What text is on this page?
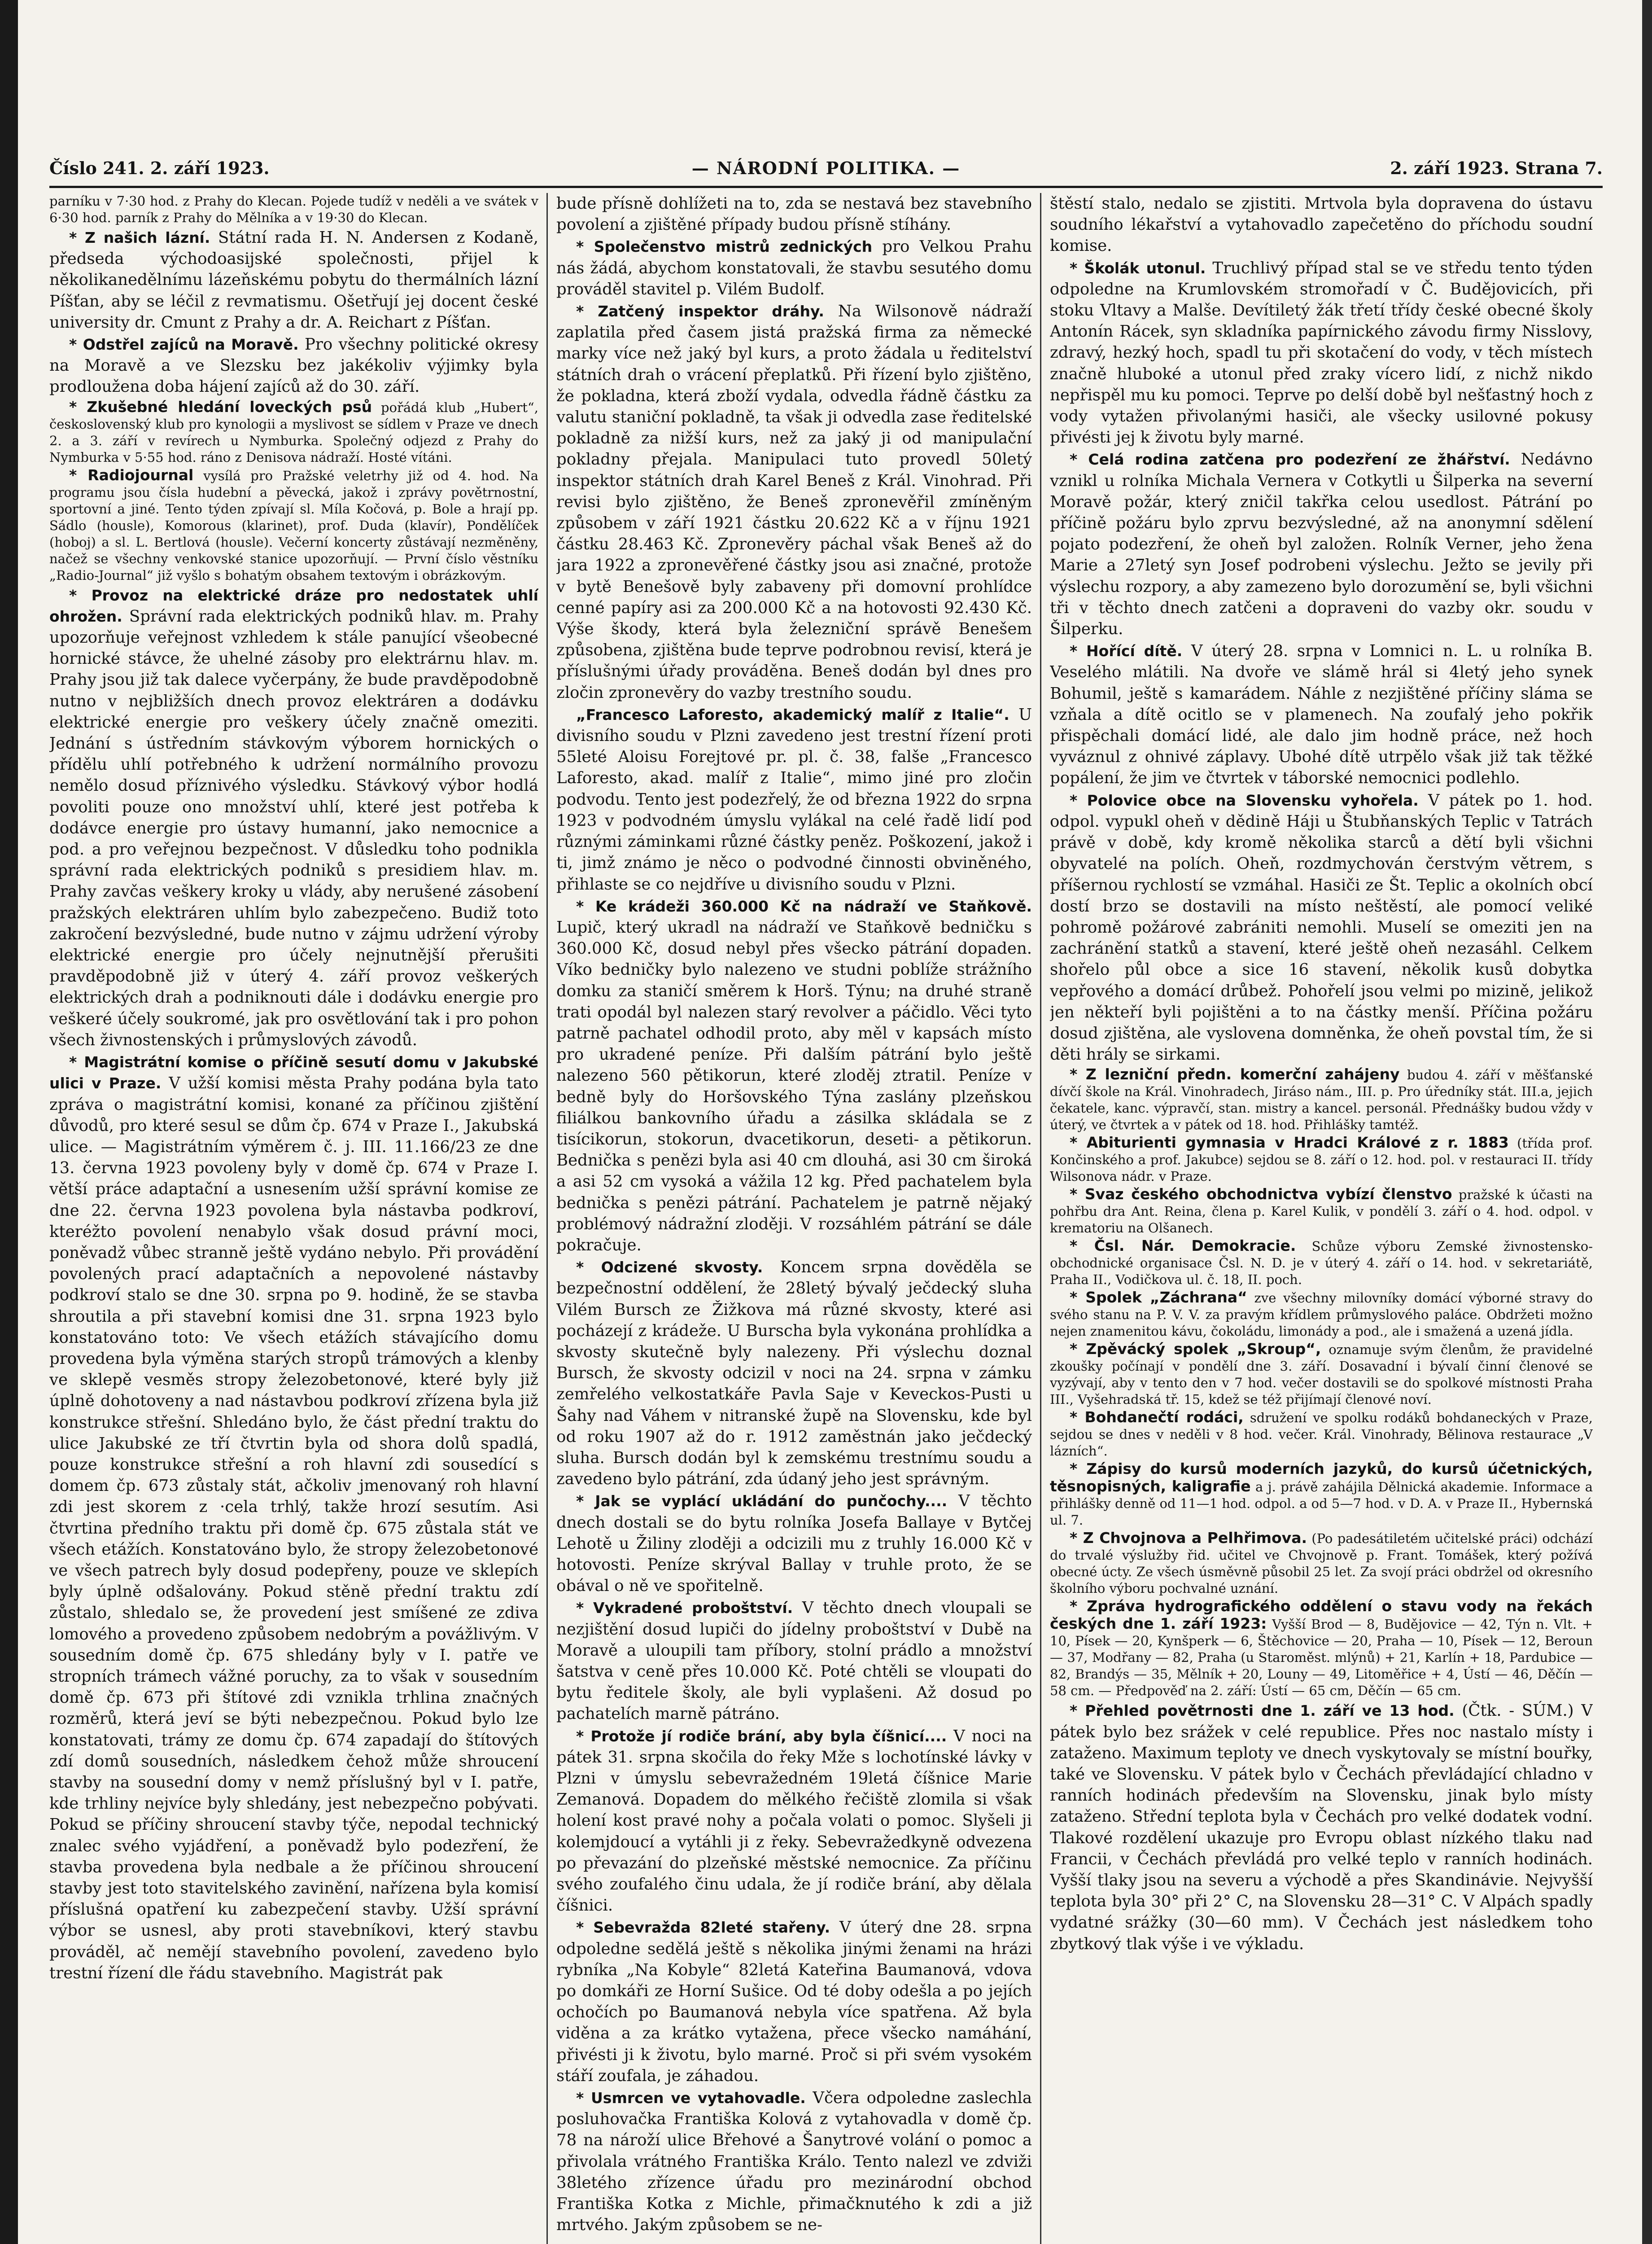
Číslo 241. 2. září 1923.	— NÁRODNÍ POLITIKA. —	2. září 1923. Strana 7.

parníku v 7·30 hod. z Prahy do Klecan. Pojede tudíž v neděli a ve svátek v 6·30 hod. parník z Prahy do Mělníka a v 19·30 do Klecan.

* Z našich lázní. Státní rada H. N. Andersen z Kodaně, předseda východoasijské společnosti, přijel k několikanedělnímu lázeňskému pobytu do thermálních lázní Píšťan, aby se léčil z revmatismu. Ošetřují jej docent české university dr. Cmunt z Prahy a dr. A. Reichart z Píšťan.

* Odstřel zajíců na Moravě. Pro všechny politické okresy na Moravě a ve Slezsku bez jakékoliv výjimky byla prodloužena doba hájení zajíců až do 30. září.

* Zkušebné hledání loveckých psů pořádá klub „Hubert“, československý klub pro kynologii a myslivost se sídlem v Praze ve dnech 2. a 3. září v revírech u Nymburka. Společný odjezd z Prahy do Nymburka v 5·55 hod. ráno z Denisova nádraží. Hosté vítáni.

* Radiojournal vysílá pro Pražské veletrhy již od 4. hod. Na programu jsou čísla hudební a pěvecká, jakož i zprávy povětrnostní, sportovní a jiné. Tento týden zpívají sl. Míla Kočová, p. Bole a hrají pp. Sádlo (housle), Komorous (klarinet), prof. Duda (klavír), Pondělíček (hoboj) a sl. L. Bertlová (housle). Večerní koncerty zůstávají nezměněny, načež se všechny venkovské stanice upozorňují. — První číslo věstníku „Radio-Journal“ již vyšlo s bohatým obsahem textovým i obrázkovým.

* Provoz na elektrické dráze pro nedostatek uhlí ohrožen. Správní rada elektrických podniků hlav. m. Prahy upozorňuje veřejnost vzhledem k stále panující všeobecné hornické stávce, že uhelné zásoby pro elektrárnu hlav. m. Prahy jsou již tak dalece vyčerpány, že bude pravděpodobně nutno v nejbližších dnech provoz elektráren a dodávku elektrické energie pro veškery účely značně omeziti. Jednání s ústředním stávkovým výborem hornických o přídělu uhlí potřebného k udržení normálního provozu nemělo dosud příznivého výsledku. Stávkový výbor hodlá povoliti pouze ono množství uhlí, které jest potřeba k dodávce energie pro ústavy humanní, jako nemocnice a pod. a pro veřejnou bezpečnost. V důsledku toho podnikla správní rada elektrických podniků s presidiem hlav. m. Prahy zavčas veškery kroky u vlády, aby nerušené zásobení pražských elektráren uhlím bylo zabezpečeno. Budiž toto zakročení bezvýsledné, bude nutno v zájmu udržení výroby elektrické energie pro účely nejnutnější přerušiti pravděpodobně již v úterý 4. září provoz veškerých elektrických drah a podniknouti dále i dodávku energie pro veškeré účely soukromé, jak pro osvětlování tak i pro pohon všech živnostenských i průmyslových závodů.

* Magistrátní komise o příčině sesutí domu v Jakubské ulici v Praze. V užší komisi města Prahy podána byla tato zpráva o magistrátní komisi, konané za příčinou zjištění důvodů, pro které sesul se dům čp. 674 v Praze I., Jakubská ulice. — Magistrátním výměrem č. j. III. 11.166/23 ze dne 13. června 1923 povoleny byly v domě čp. 674 v Praze I. větší práce adaptační a usnesením užší správní komise ze dne 22. června 1923 povolena byla nástavba podkroví, kteréžto povolení nenabylo však dosud právní moci, poněvadž vůbec stranně ještě vydáno nebylo. Při provádění povolených prací adaptačních a nepovolené nástavby podkroví stalo se dne 30. srpna po 9. hodině, že se stavba shroutila a při stavební komisi dne 31. srpna 1923 bylo konstatováno toto: Ve všech etážích stávajícího domu provedena byla výměna starých stropů trámových a klenby ve sklepě vesměs stropy železobetonové, které byly již úplně dohotoveny a nad nástavbou podkroví zřízena byla již konstrukce střešní. Shledáno bylo, že část přední traktu do ulice Jakubské ze tří čtvrtin byla od shora dolů spadlá, pouze konstrukce střešní a roh hlavní zdi sousedící s domem čp. 673 zůstaly stát, ačkoliv jmenovaný roh hlavní zdi jest skorem z ·cela trhlý, takže hrozí sesutím. Asi čtvrtina předního traktu při domě čp. 675 zůstala stát ve všech etážích. Konstatováno bylo, že stropy železobetonové ve všech patrech byly dosud podepřeny, pouze ve sklepích byly úplně odšalovány. Pokud stěně přední traktu zdí zůstalo, shledalo se, že provedení jest smíšené ze zdiva lomového a provedeno způsobem nedobrým a povážlivým. V sousedním domě čp. 675 shledány byly v I. patře ve stropních trámech vážné poruchy, za to však v sousedním domě čp. 673 při štítové zdi vznikla trhlina značných rozměrů, která jeví se býti nebezpečnou. Pokud bylo lze konstatovati, trámy ze domu čp. 674 zapadají do štítových zdí domů sousedních, následkem čehož může shroucení stavby na sousední domy v nemž příslušný byl v I. patře, kde trhliny nejvíce byly shledány, jest nebezpečno pobývati. Pokud se příčiny shroucení stavby týče, nepodal technický znalec svého vyjádření, a poněvadž bylo podezření, že stavba provedena byla nedbale a že příčinou shroucení stavby jest toto stavitelského zavinění, nařízena byla komisí příslušná opatření ku zabezpečení stavby. Užší správní výbor se usnesl, aby proti stavebníkovi, který stavbu prováděl, ač nemějí stavebního povolení, zavedeno bylo trestní řízení dle řádu stavebního. Magistrát pak

bude přísně dohlížeti na to, zda se nestavá bez stavebního povolení a zjištěné případy budou přísně stíhány.

* Společenstvo mistrů zednických pro Velkou Prahu nás žádá, abychom konstatovali, že stavbu sesutého domu prováděl stavitel p. Vilém Budolf.

* Zatčený inspektor dráhy. Na Wilsonově nádraží zaplatila před časem jistá pražská firma za německé marky více než jaký byl kurs, a proto žádala u ředitelství státních drah o vrácení přeplatků. Při řízení bylo zjištěno, že pokladna, která zboží vydala, odvedla řádně částku za valutu staniční pokladně, ta však ji odvedla zase ředitelské pokladně za nižší kurs, než za jaký ji od manipulační pokladny přejala. Manipulaci tuto provedl 50letý inspektor státních drah Karel Beneš z Král. Vinohrad. Při revisi bylo zjištěno, že Beneš zpronevěřil zmíněným způsobem v září 1921 částku 20.622 Kč a v říjnu 1921 částku 28.463 Kč. Zpronevěry páchal však Beneš až do jara 1922 a zpronevěřené částky jsou asi značné, protože v bytě Benešově byly zabaveny při domovní prohlídce cenné papíry asi za 200.000 Kč a na hotovosti 92.430 Kč. Výše škody, která byla železniční správě Benešem způsobena, zjištěna bude teprve podrobnou revisí, která je příslušnými úřady prováděna. Beneš dodán byl dnes pro zločin zpronevěry do vazby trestního soudu.

„Francesco Laforesto, akademický malíř z Italie“. U divisního soudu v Plzni zavedeno jest trestní řízení proti 55leté Aloisu Forejtové pr. pl. č. 38, falše „Francesco Laforesto, akad. malíř z Italie“, mimo jiné pro zločin podvodu. Tento jest podezřelý, že od března 1922 do srpna 1923 v podvodném úmyslu vylákal na celé řadě lidí pod různými záminkami různé částky peněz. Poškození, jakož i ti, jimž známo je něco o podvodné činnosti obviněného, přihlaste se co nejdříve u divisního soudu v Plzni.

* Ke krádeži 360.000 Kč na nádraží ve Staňkově. Lupič, který ukradl na nádraží ve Staňkově bedničku s 360.000 Kč, dosud nebyl přes všecko pátrání dopaden. Víko bedničky bylo nalezeno ve studni poblíže strážního domku za staničí směrem k Horš. Týnu; na druhé straně trati opodál byl nalezen starý revolver a páčidlo. Věci tyto patrně pachatel odhodil proto, aby měl v kapsách místo pro ukradené peníze. Při dalším pátrání bylo ještě nalezeno 560 pětikorun, které zloděj ztratil. Peníze v bedně byly do Horšovského Týna zaslány plzeňskou filiálkou bankovního úřadu a zásilka skládala se z tisícikorun, stokorun, dvacetikorun, deseti- a pětikorun. Bednička s penězi byla asi 40 cm dlouhá, asi 30 cm široká a asi 52 cm vysoká a vážila 12 kg. Před pachatelem byla bednička s penězi pátrání. Pachatelem je patrně nějaký problémový nádražní zloději. V rozsáhlém pátrání se dále pokračuje.

* Odcizené skvosty. Koncem srpna dověděla se bezpečnostní oddělení, že 28letý bývalý ječdecký sluha Vilém Bursch ze Žižkova má různé skvosty, které asi pocházejí z krádeže. U Burscha byla vykonána prohlídka a skvosty skutečně byly nalezeny. Při výslechu doznal Bursch, že skvosty odcizil v noci na 24. srpna v zámku zemřelého velkostatkáře Pavla Saje v Keveckos-Pusti u Šahy nad Váhem v nitranské župě na Slovensku, kde byl od roku 1907 až do r. 1912 zaměstnán jako ječdecký sluha. Bursch dodán byl k zemskému trestnímu soudu a zavedeno bylo pátrání, zda údaný jeho jest správným.

* Jak se vyplácí ukládání do punčochy.... V těchto dnech dostali se do bytu rolníka Josefa Ballaye v Bytčej Lehotě u Žiliny zloději a odcizili mu z truhly 16.000 Kč v hotovosti. Peníze skrýval Ballay v truhle proto, že se obával o ně ve spořitelně.

* Vykradené proboštství. V těchto dnech vloupali se nezjištění dosud lupiči do jídelny proboštství v Dubě na Moravě a uloupili tam příbory, stolní prádlo a množství šatstva v ceně přes 10.000 Kč. Poté chtěli se vloupati do bytu ředitele školy, ale byli vyplašeni. Až dosud po pachatelích marně pátráno.

* Protože jí rodiče brání, aby byla číšnicí.... V noci na pátek 31. srpna skočila do řeky Mže s lochotínské lávky v Plzni v úmyslu sebevražedném 19letá číšnice Marie Zemanová. Dopadem do mělkého řečiště zlomila si však holení kost pravé nohy a počala volati o pomoc. Slyšeli ji kolemjdoucí a vytáhli ji z řeky. Sebevražedkyně odvezena po převazání do plzeňské městské nemocnice. Za příčinu svého zoufalého činu udala, že jí rodiče brání, aby dělala číšnici.

* Sebevražda 82leté stařeny. V úterý dne 28. srpna odpoledne sedělá ještě s několika jinými ženami na hrázi rybníka „Na Kobyle“ 82letá Kateřina Baumanová, vdova po domkáři ze Horní Sušice. Od té doby odešla a po jejích ochočích po Baumanová nebyla více spatřena. Až byla viděna a za krátko vytažena, přece všecko namáhání, přivésti ji k životu, bylo marné. Proč si při svém vysokém stáří zoufala, je záhadou.

* Usmrcen ve vytahovadle. Včera odpoledne zaslechla posluhovačka Františka Kolová z vytahovadla v domě čp. 78 na nároží ulice Břehové a Šanytrové volání o pomoc a přivolala vrátného Františka Králo. Tento nalezl ve zdviži 38letého zřízence úřadu pro mezinárodní obchod Františka Kotka z Michle, přimačknutého k zdi a již mrtvého. Jakým způsobem se ne-

štěstí stalo, nedalo se zjistiti. Mrtvola byla dopravena do ústavu soudního lékařství a vytahovadlo zapečetěno do příchodu soudní komise.

* Školák utonul. Truchlivý případ stal se ve středu tento týden odpoledne na Krumlovském stromořadí v Č. Budějovicích, při stoku Vltavy a Malše. Devítiletý žák třetí třídy české obecné školy Antonín Rácek, syn skladníka papírnického závodu firmy Nisslovy, zdravý, hezký hoch, spadl tu při skotačení do vody, v těch místech značně hluboké a utonul před zraky vícero lidí, z nichž nikdo nepřispěl mu ku pomoci. Teprve po delší době byl nešťastný hoch z vody vytažen přivolanými hasiči, ale všecky usilovné pokusy přivésti jej k životu byly marné.

* Celá rodina zatčena pro podezření ze žhářství. Nedávno vznikl u rolníka Michala Vernera v Cotkytli u Šilperka na severní Moravě požár, který zničil takřka celou usedlost. Pátrání po příčině požáru bylo zprvu bezvýsledné, až na anonymní sdělení pojato podezření, že oheň byl založen. Rolník Verner, jeho žena Marie a 27letý syn Josef podrobeni výslechu. Ježto se jevily při výslechu rozpory, a aby zamezeno bylo dorozumění se, byli všichni tři v těchto dnech zatčeni a dopraveni do vazby okr. soudu v Šilperku.

* Hořící dítě. V úterý 28. srpna v Lomnici n. L. u rolníka B. Veselého mlátili. Na dvoře ve slámě hrál si 4letý jeho synek Bohumil, ještě s kamarádem. Náhle z nezjištěné příčiny sláma se vzňala a dítě ocitlo se v plamenech. Na zoufalý jeho pokřik přispěchali domácí lidé, ale dalo jim hodně práce, než hoch vyváznul z ohnivé záplavy. Ubohé dítě utrpělo však již tak těžké popálení, že jim ve čtvrtek v táborské nemocnici podlehlo.

* Polovice obce na Slovensku vyhořela. V pátek po 1. hod. odpol. vypukl oheň v dědině Háji u Štubňanských Teplic v Tatrách právě v době, kdy kromě několika starců a dětí byli všichni obyvatelé na polích. Oheň, rozdmychován čerstvým větrem, s příšernou rychlostí se vzmáhal. Hasiči ze Št. Teplic a okolních obcí dostí brzo se dostavili na místo neštěstí, ale pomocí veliké pohromě požárové zabrániti nemohli. Muselí se omeziti jen na zachránění statků a stavení, které ještě oheň nezasáhl. Celkem shořelo půl obce a sice 16 stavení, několik kusů dobytka vepřového a domácí drůbež. Pohořelí jsou velmi po mizině, jelikož jen někteří byli pojištěni a to na částky menší. Příčina požáru dosud zjištěna, ale vyslovena domněnka, že oheň povstal tím, že si děti hrály se sirkami.

* Z lezniční předn. komerční zahájeny budou 4. září v měšťanské dívčí škole na Král. Vinohradech, Jiráso nám., III. p. Pro úředníky stát. III.a, jejich čekatele, kanc. výpravčí, stan. mistry a kancel. personál. Přednášky budou vždy v úterý, ve čtvrtek a v pátek od 18. hod. Přihlášky tamtéž.

* Abiturienti gymnasia v Hradci Králové z r. 1883 (třída prof. Končinského a prof. Jakubce) sejdou se 8. září o 12. hod. pol. v restauraci II. třídy Wilsonova nádr. v Praze.

* Svaz českého obchodnictva vybízí členstvo pražské k účasti na pohřbu dra Ant. Reina, člena p. Karel Kulik, v pondělí 3. září o 4. hod. odpol. v krematoriu na Olšanech.

* Čsl. Nár. Demokracie. Schůze výboru Zemské živnostensko-obchodnické organisace Čsl. N. D. je v úterý 4. září o 14. hod. v sekretariátě, Praha II., Vodičkova ul. č. 18, II. poch.

* Spolek „Záchrana“ zve všechny milovníky domácí výborné stravy do svého stanu na P. V. V. za pravým křídlem průmyslového paláce. Obdržeti možno nejen znamenitou kávu, čokoládu, limonády a pod., ale i smažená a uzená jídla.

* Zpěvácký spolek „Skroup“, oznamuje svým členům, že pravidelné zkoušky počínají v pondělí dne 3. září. Dosavadní i bývalí činní členové se vyzývají, aby v tento den v 7 hod. večer dostavili se do spolkové místnosti Praha III., Vyšehradská tř. 15, kdež se též přijímají členové noví.

* Bohdanečtí rodáci, sdružení ve spolku rodáků bohdaneckých v Praze, sejdou se dnes v neděli v 8 hod. večer. Král. Vinohrady, Bělinova restaurace „V lázních“.

* Zápisy do kursů moderních jazyků, do kursů účetnických, těsnopisných, kaligrafie a j. právě zahájila Dělnická akademie. Informace a přihlášky denně od 11—1 hod. odpol. a od 5—7 hod. v D. A. v Praze II., Hybernská ul. 7.

* Z Chvojnova a Pelhřimova. (Po padesátiletém učitelské práci) odchází do trvalé výslužby řid. učitel ve Chvojnově p. Frant. Tomášek, který požívá obecné úcty. Ze všech úsměvně působil 25 let. Za svojí práci obdržel od okresního školního výboru pochvalné uznání.

* Zpráva hydrografického oddělení o stavu vody na řekách českých dne 1. září 1923: Vyšší Brod — 8, Budějovice — 42, Týn n. Vlt. + 10, Písek — 20, Kynšperk — 6, Štěchovice — 20, Praha — 10, Písek — 12, Beroun — 37, Modřany — 82, Praha (u Staroměst. mlýnů) + 21, Karlín + 18, Pardubice — 82, Brandýs — 35, Mělník + 20, Louny — 49, Litoměřice + 4, Ústí — 46, Děčín — 58 cm. — Předpověď na 2. září: Ústí — 65 cm, Děčín — 65 cm.

* Přehled povětrnosti dne 1. září ve 13 hod. (Čtk. - SÚM.) V pátek bylo bez srážek v celé republice. Přes noc nastalo místy i zataženo. Maximum teploty ve dnech vyskytovaly se místní bouřky, také ve Slovensku. V pátek bylo v Čechách převládající chladno v ranních hodinách především na Slovensku, jinak bylo místy zataženo. Střední teplota byla v Čechách pro velké dodatek vodní. Tlakové rozdělení ukazuje pro Evropu oblast nízkého tlaku nad Francii, v Čechách převládá pro velké teplo v ranních hodinách. Vyšší tlaky jsou na severu a východě a přes Skandinávie. Nejvyšší teplota byla 30° při 2° C, na Slovensku 28—31° C. V Alpách spadly vydatné srážky (30—60 mm). V Čechách jest následkem toho zbytkový tlak výše i ve výkladu.
